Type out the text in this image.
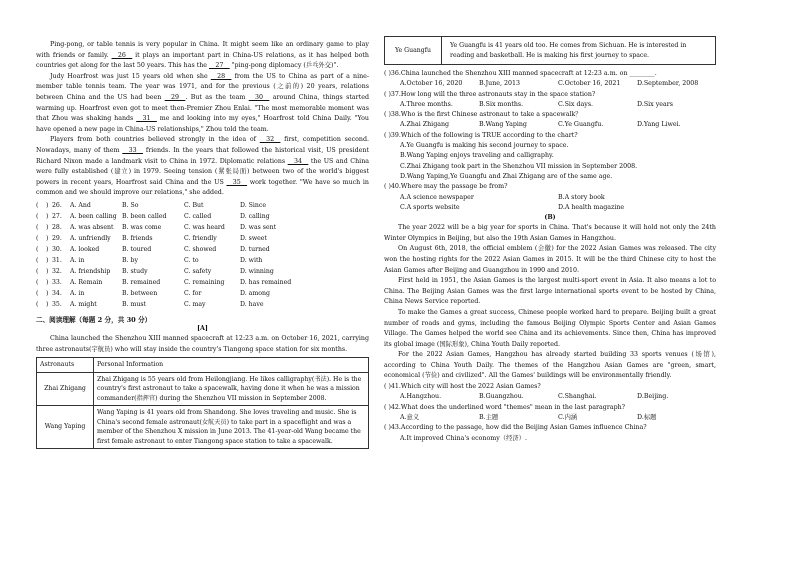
Ping-pong, or table tennis is very popular in China. It might seem like an ordinary game to play with friends or family. __26__ it plays an important part in China-US relations, as it has helped both countries get along for the last 50 years. This has the __27__ "ping-pong diplomacy (乒乓外交)".

Judy Hoarfrost was just 15 years old when she __28__ from the US to China as part of a nine-member table tennis team. The year was 1971, and for the previous (之前的) 20 years, relations between China and the US had been __29__. But as the team __30__ around China, things started warming up. Hoarfrost even got to meet then-Premier Zhou Enlai. "The most memorable moment was that Zhou was shaking hands __31__ me and looking into my eyes," Hoarfrost told China Daily. "You have opened a new page in China-US relationships," Zhou told the team.

Players from both countries believed strongly in the idea of __32__ first, competition second. Nowadays, many of them __33__ friends. In the years that followed the historical visit, US president Richard Nixon made a landmark visit to China in 1972. Diplomatic relations __34__ the US and China were fully established (建立) in 1979. Seeing tension (紧张局面) between two of the world's biggest powers in recent years, Hoarfrost said China and the US __35__ work together. "We have so much in common and we should improve our relations," she added.

(	)	26.	A. And	B. So	C. But	D. Since
(	)	27.	A. been calling	B. been called	C. called	D. calling
(	)	28.	A. was absent	B. was come	C. was heard	D. was sent
(	)	29.	A. unfriendly	B. friends	C. friendly	D. sweet
(	)	30.	A. looked	B. toured	C. showed	D. turned
(	)	31.	A. in	B. by	C. to	D. with
(	)	32.	A. friendship	B. study	C. safety	D. winning
(	)	33.	A. Remain	B. remained	C. remaining	D. has remained
(	)	34.	A. in	B. between	C. for	D. among
(	)	35.	A. might	B. must	C. may	D. have
二、阅读理解（每题 2 分，共 30 分）
[A]

China launched the Shenzhou XIII manned spacecraft at 12:23 a.m. on October 16, 2021, carrying three astronauts(宇航员) who will stay inside the country's Tiangong space station for six months.

Astronauts	Personal Information
Zhai Zhigang	Zhai Zhigang is 55 years old from Heilongjiang. He likes calligraphy(书法). He is the country's first astronaut to take a spacewalk, having done it when he was a mission commander(指挥官) during the Shenzhou VII mission in September 2008.
Wang Yaping	Wang Yaping is 41 years old from Shandong. She loves traveling and music. She is China's second female astronaut(女航天员) to take part in a spaceflight and was a member of the Shenzhou X mission in June 2013. The 41-year-old Wang became the first female astronaut to enter Tiangong space station to take a spacewalk.
Ye Guangfu	Ye Guangfu is 41 years old too. He comes from Sichuan. He is interested in reading and basketball. He is making his first journey to space.
( )36.China launched the Shenzhou XIII manned spacecraft at 12:23 a.m. on ________.
A.October 16, 2020	B.June, 2013	C.October 16, 2021	D.September, 2008
( )37.How long will the three astronauts stay in the space station?
A.Three months.	B.Six months.	C.Six days.	D.Six years
( )38.Who is the first Chinese astronaut to take a spacewalk？
A.Zhai Zhigang	B.Wang Yaping	C.Ye Guangfu.	D.Yang Liwei.
( )39.Which of the following is TRUE according to the chart?
A.Ye Guangfu is making his second journey to space.
B.Wang Yaping enjoys traveling and calligraphy.
C.Zhai Zhigang took part in the Shenzhou VII mission in September 2008.
D.Wang Yaping,Ye Guangfu and Zhai Zhigang are of the same age.
( )40.Where may the passage be from?
A.A science newspaper	B.A story book
C.A sports website	D.A health magazine
(B)

The year 2022 will be a big year for sports in China. That's because it will hold not only the 24th Winter Olympics in Beijing, but also the 19th Asian Games in Hangzhou.

On August 6th, 2018, the official emblem (会徽) for the 2022 Asian Games was released. The city won the hosting rights for the 2022 Asian Games in 2015. It will be the third Chinese city to host the Asian Games after Beijing and Guangzhou in 1990 and 2010.

First held in 1951, the Asian Games is the largest multi-sport event in Asia. It also means a lot to China. The Beijing Asian Games was the first large international sports event to be hosted by China, China News Service reported.

To make the Games a great success, Chinese people worked hard to prepare. Beijing built a great number of roads and gyms, including the famous Beijing Olympic Sports Center and Asian Games Village. The Games helped the world see China and its achievements. Since then, China has improved its global image (国际形象), China Youth Daily reported.

For the 2022 Asian Games, Hangzhou has already started building 33 sports venues (场馆), according to China Youth Daily. The themes of the Hangzhou Asian Games are "green, smart, economical (节俭) and civilized". All the Games' buildings will be environmentally friendly.

( )41.Which city will host the 2022 Asian Games?
A.Hangzhou.	B.Guangzhou.	C.Shanghai.	D.Beijing.
( )42.What does the underlined word "themes" mean in the last paragraph?
A.意义	B.主题	C.内涵	D.标题
( )43.According to the passage, how did the Beijing Asian Games influence China?
A.It improved China's economy（经济）.
